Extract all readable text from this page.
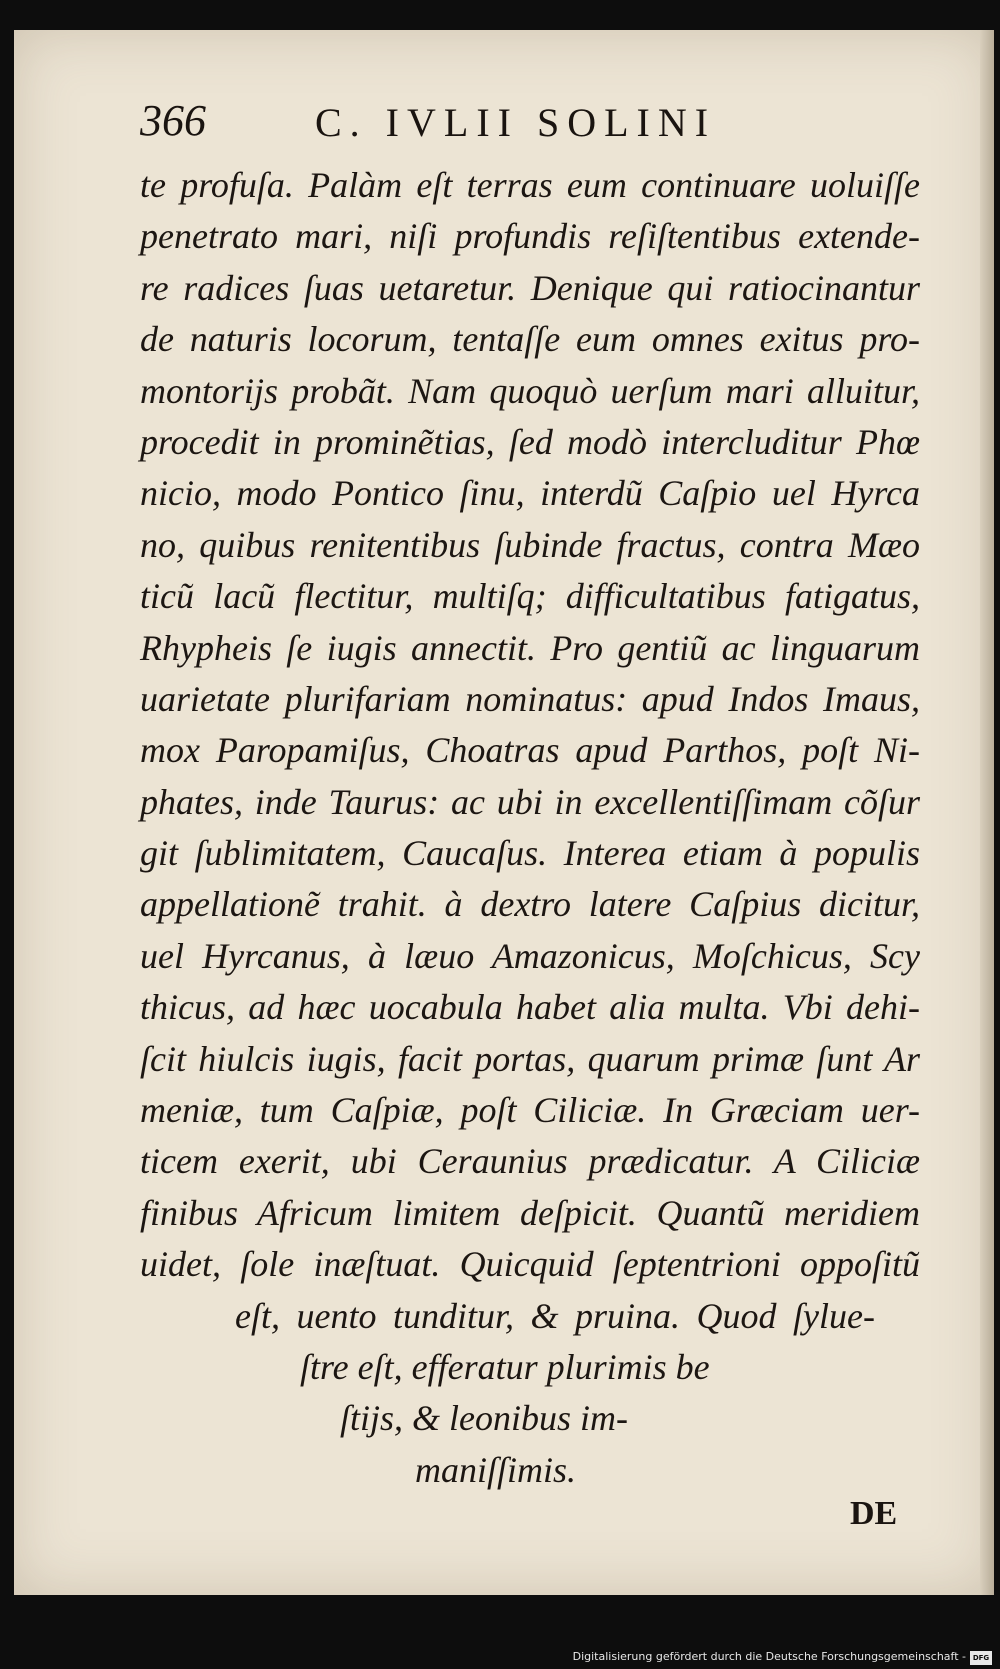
366	C. IVLII SOLINI
te profuſa. Palàm eſt terras eum continuare uoluiſſe
penetrato mari, niſi profundis reſiſtentibus extende-
re radices ſuas uetaretur. Denique qui ratiocinantur
de naturis locorum, tentaſſe eum omnes exitus pro-
montorijs probãt. Nam quoquò uerſum mari alluitur,
procedit in prominẽtias, ſed modò intercluditur Phœ
nicio, modo Pontico ſinu, interdũ Caſpio uel Hyrca
no, quibus renitentibus ſubinde fractus, contra Mæo
ticũ lacũ flectitur, multiſq; difficultatibus fatigatus,
Rhypheis ſe iugis annectit. Pro gentiũ ac linguarum
uarietate plurifariam nominatus: apud Indos Imaus,
mox Paropamiſus, Choatras apud Parthos, poſt Ni-
phates, inde Taurus: ac ubi in excellentiſſimam cõſur
git ſublimitatem, Caucaſus. Interea etiam à populis
appellationẽ trahit. à dextro latere Caſpius dicitur,
uel Hyrcanus, à læuo Amazonicus, Moſchicus, Scy
thicus, ad hæc uocabula habet alia multa. Vbi dehi-
ſcit hiulcis iugis, facit portas, quarum primæ ſunt Ar
meniæ, tum Caſpiæ, poſt Ciliciæ. In Græciam uer-
ticem exerit, ubi Ceraunius prædicatur. A Ciliciæ
finibus Africum limitem deſpicit. Quantũ meridiem
uidet, ſole inæſtuat. Quicquid ſeptentrioni oppoſitũ
eſt, uento tunditur, & pruina. Quod ſylue-
ſtre eſt, efferatur plurimis be
ſtijs, & leonibus im-
maniſſimis.
DE
Digitalisierung gefördert durch die Deutsche Forschungsgemeinschaft - DFG
